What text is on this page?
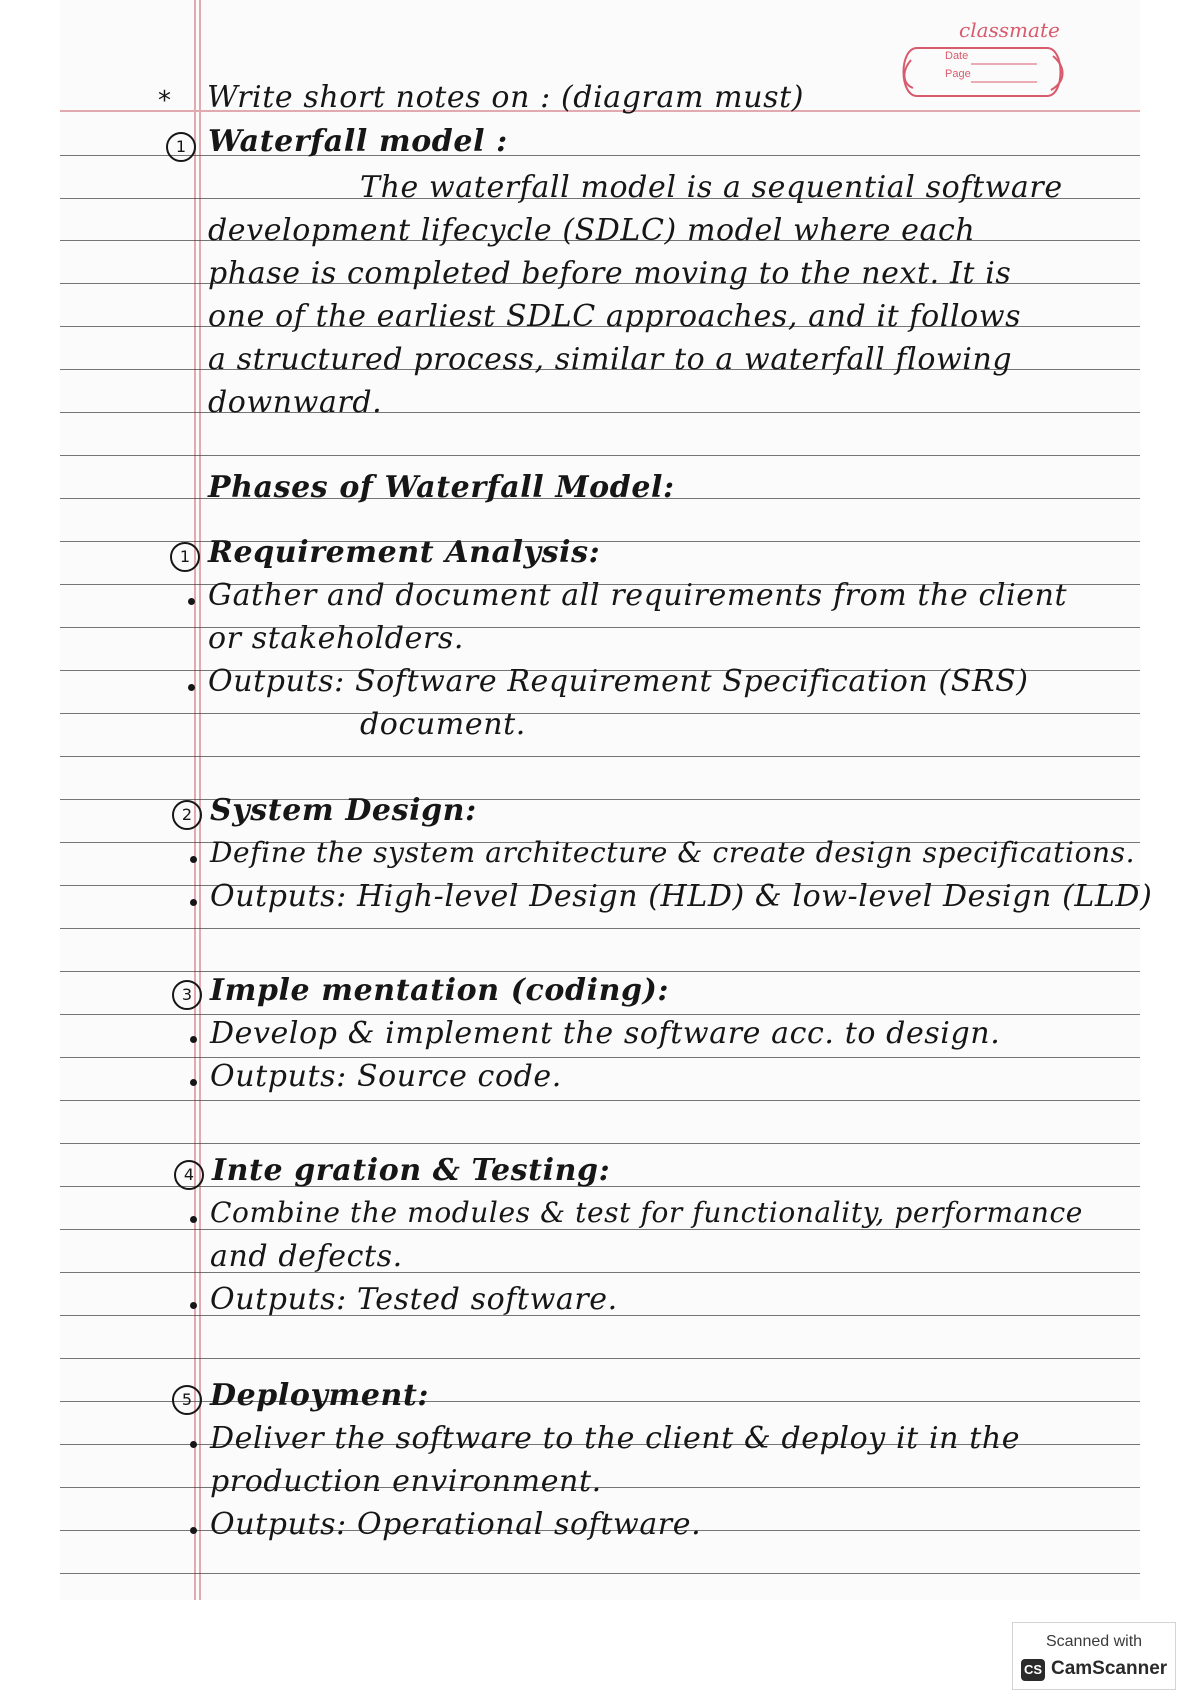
classmate
Date
Page
* Write short notes on : (diagram must)
1 Waterfall model :
The waterfall model is a sequential software
development lifecycle (SDLC) model where each
phase is completed before moving to the next. It is
one of the earliest SDLC approaches, and it follows
a structured process, similar to a waterfall flowing
downward.
Phases of Waterfall Model:
1 Requirement Analysis:
Gather and document all requirements from the client
or stakeholders.
Outputs: Software Requirement Specification (SRS)
document.
2 System Design:
Define the system architecture & create design specifications.
Outputs: High-level Design (HLD) & low-level Design (LLD)
3 Imple mentation (coding):
Develop & implement the software acc. to design.
Outputs: Source code.
4 Inte gration & Testing:
Combine the modules & test for functionality, performance
and defects.
Outputs: Tested software.
5 Deployment:
Deliver the software to the client & deploy it in the
production environment.
Outputs: Operational software.
Scanned with
CS CamScanner
